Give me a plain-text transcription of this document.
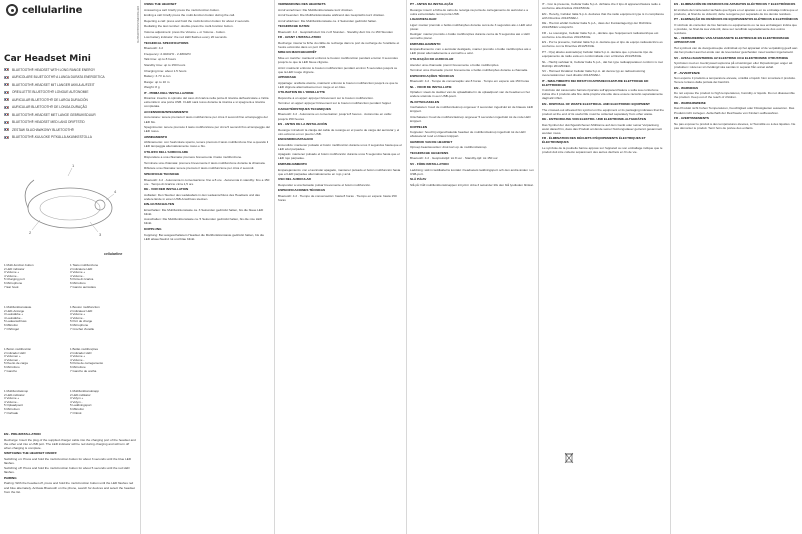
cellularline	CBTKCOBCARHEADSETK
Car Headset Mini
BLUETOOTH® HEADSET WITH LONG RANGE ENERGY
AURICOLARE BLUETOOTH® A LUNGA DURATA ENERGETICA
BLUETOOTH®-HEADSET MIT LANGER AKKULAUFZEIT
OREILLETTE BLUETOOTH® LONGUE AUTONOMIE
AURICULAR BLUETOOTH® DE LARGA DURACIÓN
AURICULAR BLUETOOTH® DE LONGA DURAÇÃO
BLUETOOTH®-HEADSET MET LANGE GEBRUIKSDUUR
BLUETOOTH® HEADSET MED LANG DRIFTSTID
ZESTAW SŁUCHAWKOWY BLUETOOTH®
BLUETOOTH®-KUULOKE PITKÄLLÄ AKUNKESTOLLA
1
2	3
4
cellularline
1 Multi-function button	1 Tasto multifunzione
2 LED indicator	2 Indicatore LED
3 Volume +	3 Volume +
4 Volume -	4 Volume -
5 Charging port	5 Porta di ricarica
6 Microphone	6 Microfono
7 Ear hook	7 Gancio auricolare
1 Multifunktionstaste	1 Bouton multifonction
2 LED-Anzeige	2 Indicateur LED
3 Lautstärke +	3 Volume +
4 Lautstärke -	4 Volume -
5 Ladeanschluss	5 Port de charge
6 Mikrofon	6 Microphone
7 Ohrbügel	7 Crochet d'oreille
1 Botón multifunción	1 Botão multifunções
2 Indicador LED	2 Indicador LED
3 Volumen +	3 Volume +
4 Volumen -	4 Volume -
5 Puerto de carga	5 Porta de carregamento
6 Micrófono	6 Microfone
7 Gancho	7 Gancho de orelha
1 Multifunctieknop	1 Multifunktionsknapp
2 LED-indicator	2 LED-indikator
3 Volume +	3 Volym +
4 Volume -	4 Volym -
5 Oplaadpoort	5 Laddningsport
6 Microfoon	6 Mikrofon
7 Oorhaak	7 Örkrok

EN - PRE-INSTALLATION

Recharge: Insert the plug of the supplied charger cable into the charging port of the headset and the other end into a USB port. The LED indicator will be red during charging and will turn off when charging is complete.

SWITCHING THE HEADSET ON/OFF

Switching on: Press and hold the multi-function button for about 3 seconds until the blue LED flashes.

Switching off: Press and hold the multi-function button for about 5 seconds until the red LED flashes.

PAIRING

Pairing: With the headset off, press and hold the multi-function button until the LED flashes red and blue alternately. Activate Bluetooth on the phone, search for devices and select the headset from the list.

USING THE HEADSET

Answering a call: briefly press the multi-function button.

Ending a call: briefly press the multi-function button during the call.

Rejecting a call: press and hold the multi-function button for about 2 seconds.

Redialing the last number: double-press the multi-function button.

Volume adjustment: press the Volume + or Volume - button.

Low battery indicator: the red LED flashes every 20 seconds.

TECHNICAL SPECIFICATIONS

Bluetooth: 4.2

Frequency: 2.402GHz - 2.480GHz

Talk time: up to 8 hours

Standby time: up to 150 hours

Charging time: about 1.5 hours

Battery: 3.7V Li-Ion

Range: up to 10 m

Weight: 8 g

IT - PRIMA DELL'INSTALLAZIONE

Ricarica: inserire lo spinotto del cavo di ricarica nella porta di ricarica dell'auricolare e l'altra estremità in una porta USB. Il LED sarà rosso durante la ricarica e si spegnerà a ricarica completata.

ACCENSIONE/SPEGNIMENTO

Accensione: tenere premuto il tasto multifunzione per circa 3 secondi fino al lampeggio del LED blu.

Spegnimento: tenere premuto il tasto multifunzione per circa 5 secondi fino al lampeggio del LED rosso.

ABBINAMENTO

Abbinamento: con l'auricolare spento, tenere premuto il tasto multifunzione fino a quando il LED lampeggia alternativamente rosso e blu.

UTILIZZO DELL'AURICOLARE

Rispondere a una chiamata: premere brevemente il tasto multifunzione.

Terminare una chiamata: premere brevemente il tasto multifunzione durante la chiamata.

Rifiutare una chiamata: tenere premuto il tasto multifunzione per circa 2 secondi.

SPECIFICHE TECNICHE

Bluetooth: 4.2 · Autonomia in conversazione: fino a 8 ore · Autonomia in standby: fino a 150 ore · Tempo di ricarica: circa 1,5 ore

DE - VOR DER INSTALLATION

Aufladen: Den Stecker des Ladekabels in den Ladeanschluss des Headsets und das andere Ende in einen USB-Anschluss stecken.

EIN-/AUSSCHALTEN

Einschalten: Die Multifunktionstaste ca. 3 Sekunden gedrückt halten, bis die blaue LED blinkt.

Ausschalten: Die Multifunktionstaste ca. 5 Sekunden gedrückt halten, bis die rote LED blinkt.

KOPPLUNG

Kopplung: Bei ausgeschaltetem Headset die Multifunktionstaste gedrückt halten, bis die LED abwechselnd rot und blau blinkt.

VERWENDUNG DES HEADSETS

Anruf annehmen: Die Multifunktionstaste kurz drücken.

Anruf beenden: Die Multifunktionstaste während des Gesprächs kurz drücken.

Anruf ablehnen: Die Multifunktionstaste ca. 2 Sekunden gedrückt halten.

TECHNISCHE DATEN

Bluetooth: 4.2 · Gesprächszeit: bis zu 8 Stunden · Standby-Zeit: bis zu 150 Stunden

FR - AVANT L'INSTALLATION

Recharge: insérer la fiche du câble de recharge dans le port de recharge de l'oreillette et l'autre extrémité dans un port USB.

MISE EN MARCHE/ARRÊT

Mise en marche: maintenir enfoncé le bouton multifonction pendant environ 3 secondes jusqu'à ce que la LED bleue clignote.

Arrêt: maintenir enfoncé le bouton multifonction pendant environ 5 secondes jusqu'à ce que la LED rouge clignote.

APPAIRAGE

Appairage: oreillette éteinte, maintenir enfoncé le bouton multifonction jusqu'à ce que la LED clignote alternativement en rouge et en bleu.

UTILISATION DE L'OREILLETTE

Répondre à un appel: appuyer brièvement sur le bouton multifonction.

Terminer un appel: appuyer brièvement sur le bouton multifonction pendant l'appel.

CARACTÉRISTIQUES TECHNIQUES

Bluetooth: 4.2 · Autonomie en conversation: jusqu'à 8 heures · Autonomie en veille: jusqu'à 150 heures

ES - ANTES DE LA INSTALACIÓN

Recarga: introducir la clavija del cable de recarga en el puerto de carga del auricular y el otro extremo en un puerto USB.

ENCENDIDO/APAGADO

Encendido: mantener pulsado el botón multifunción durante unos 3 segundos hasta que el LED azul parpadee.

Apagado: mantener pulsado el botón multifunción durante unos 5 segundos hasta que el LED rojo parpadee.

EMPAREJAMIENTO

Emparejamiento: con el auricular apagado, mantener pulsado el botón multifunción hasta que el LED parpadee alternativamente en rojo y azul.

USO DEL AURICULAR

Responder a una llamada: pulsar brevemente el botón multifunción.

ESPECIFICACIONES TÉCNICAS

Bluetooth: 4.2 · Tiempo de conversación: hasta 8 horas · Tiempo en espera: hasta 150 horas

PT - ANTES DA INSTALAÇÃO

Recarga: inserir a ficha do cabo de recarga na porta de carregamento do auricular e a outra extremidade numa porta USB.

LIGAR/DESLIGAR

Ligar: manter premido o botão multifunções durante cerca de 3 segundos até o LED azul piscar.

Desligar: manter premido o botão multifunções durante cerca de 5 segundos até o LED vermelho piscar.

EMPARELHAMENTO

Emparelhamento: com o auricular desligado, manter premido o botão multifunções até o LED piscar alternadamente a vermelho e azul.

UTILIZAÇÃO DO AURICULAR

Atender uma chamada: premir brevemente o botão multifunções.

Terminar uma chamada: premir brevemente o botão multifunções durante a chamada.

ESPECIFICAÇÕES TÉCNICAS

Bluetooth: 4.2 · Tempo de conversação: até 8 horas · Tempo em espera: até 150 horas

NL - VOOR DE INSTALLATIE

Opladen: steek de stekker van de oplaadkabel in de oplaadpoort van de headset en het andere uiteinde in een USB-poort.

IN-/UITSCHAKELEN

Inschakelen: houd de multifunctieknop ongeveer 3 seconden ingedrukt tot de blauwe LED knippert.

Uitschakelen: houd de multifunctieknop ongeveer 5 seconden ingedrukt tot de rode LED knippert.

KOPPELEN

Koppelen: houd bij uitgeschakelde headset de multifunctieknop ingedrukt tot de LED afwisselend rood en blauw knippert.

GEBRUIK VAN DE HEADSET

Oproep beantwoorden: druk kort op de multifunctieknop.

TECHNISCHE GEGEVENS

Bluetooth: 4.2 · Gesprekstijd: tot 8 uur · Standby-tijd: tot 150 uur

SV - FÖRE INSTALLATION

Laddning: sätt in laddkabelns kontakt i headsetets laddningsport och den andra änden i en USB-port.

SLÅ PÅ/AV

Slå på: håll multifunktionsknappen intryckt i cirka 3 sekunder tills den blå lysdioden blinkar.

IT - Con la presente, Cellular Italia S.p.A. dichiara che il tipo di apparecchiatura radio è conforme alla direttiva 2014/53/UE.

EN - Hereby, Cellular Italia S.p.A. declares that the radio equipment type is in compliance with Directive 2014/53/EU.

DE - Hiermit erklärt Cellular Italia S.p.A., dass der Funkanlagentyp der Richtlinie 2014/53/EU entspricht.

FR - Le soussigné, Cellular Italia S.p.A., déclare que l'équipement radioélectrique est conforme à la directive 2014/53/UE.

ES - Por la presente, Cellular Italia S.p.A. declara que el tipo de equipo radioeléctrico es conforme con la Directiva 2014/53/UE.

PT - O(a) abaixo assinado(a) Cellular Italia S.p.A. declara que o presente tipo de equipamento de rádio está em conformidade com a Diretiva 2014/53/UE.

NL - Hierbij verklaar ik, Cellular Italia S.p.A., dat het type radioapparatuur conform is met Richtlijn 2014/53/EU.

SV - Härmed försäkrar Cellular Italia S.p.A. att denna typ av radioutrustning överensstämmer med direktiv 2014/53/EU.

IT - SMALTIMENTO DEI RIFIUTI DI APPARECCHIATURE ELETTRICHE ED ELETTRONICHE

Il simbolo del cassonetto barrato riportato sull'apparecchiatura o sulla sua confezione indica che il prodotto alla fine della propria vita utile deve essere raccolto separatamente dagli altri rifiuti.

EN - DISPOSAL OF WASTE ELECTRICAL AND ELECTRONIC EQUIPMENT

The crossed-out wheeled bin symbol on the equipment or its packaging indicates that the product at the end of its useful life must be collected separately from other waste.

DE - ENTSORGUNG VON ELEKTRO- UND ELEKTRONIK-ALTGERÄTEN

Das Symbol der durchgestrichenen Mülltonne auf dem Gerät oder seiner Verpackung weist darauf hin, dass das Produkt am Ende seiner Nutzungsdauer getrennt gesammelt werden muss.

FR - ÉLIMINATION DES DÉCHETS D'ÉQUIPEMENTS ÉLECTRIQUES ET ÉLECTRONIQUES

Le symbole de la poubelle barrée apposé sur l'appareil ou son emballage indique que le produit doit être collecté séparément des autres déchets en fin de vie.

ES - ELIMINACIÓN DE RESIDUOS DE APARATOS ELÉCTRICOS Y ELECTRÓNICOS

El símbolo del contenedor tachado que figura en el aparato o en su embalaje indica que el producto, al final de su vida útil, debe recogerse por separado de los demás residuos.

PT - ELIMINAÇÃO DE RESÍDUOS DE EQUIPAMENTOS ELÉTRICOS E ELETRÓNICOS

O símbolo do contentor de lixo barrado no equipamento ou na sua embalagem indica que o produto, no final da sua vida útil, deve ser recolhido separadamente dos outros resíduos.

NL - VERWIJDERING VAN AFGEDANKTE ELEKTRISCHE EN ELEKTRONISCHE APPARATUUR

Het symbool van de doorgestreepte vuilnisbak op het apparaat of de verpakking geeft aan dat het product aan het einde van de levensduur gescheiden moet worden ingezameld.

SV - AVFALLSHANTERING AV ELEKTRISK OCH ELEKTRONISK UTRUSTNING

Symbolen med en överkryssad soptunna på utrustningen eller förpackningen anger att produkten i slutet av sin livslängd ska samlas in separat från annat avfall.

IT - AVVERTENZE

Non esporre il prodotto a temperature elevate, umidità o liquidi. Non smontare il prodotto. Tenere lontano dalla portata dei bambini.

EN - WARNINGS

Do not expose the product to high temperatures, humidity or liquids. Do not disassemble the product. Keep out of the reach of children.

DE - WARNHINWEISE

Das Produkt nicht hohen Temperaturen, Feuchtigkeit oder Flüssigkeiten aussetzen. Das Produkt nicht zerlegen. Außerhalb der Reichweite von Kindern aufbewahren.

FR - AVERTISSEMENTS

Ne pas exposer le produit à des températures élevées, à l'humidité ou à des liquides. Ne pas démonter le produit. Tenir hors de portée des enfants.
